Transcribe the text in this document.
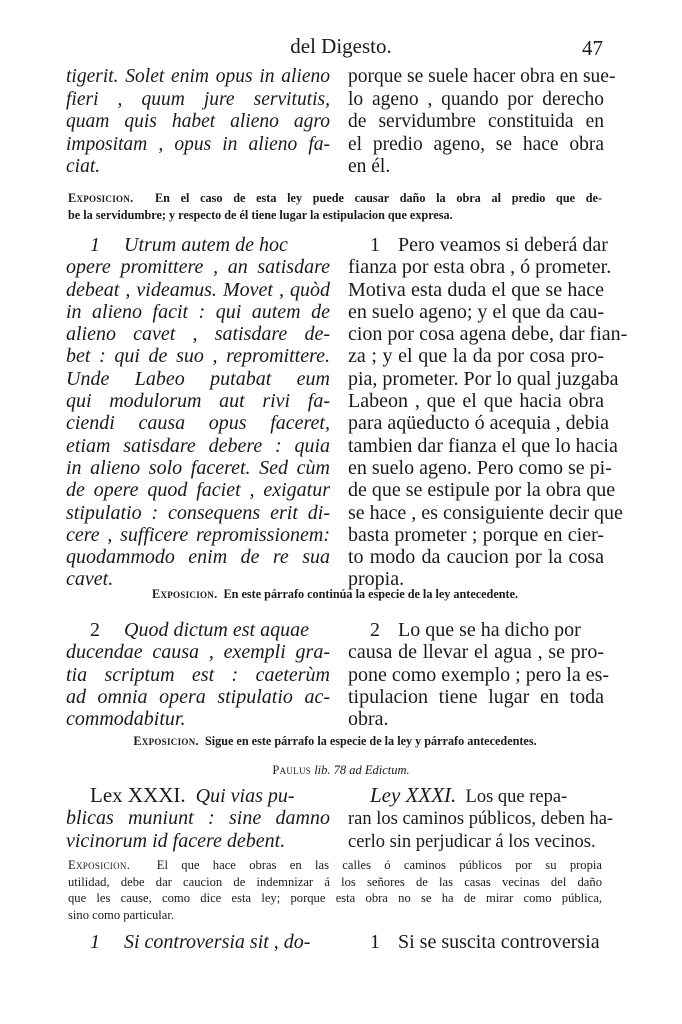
del Digesto.	47
tigerit. Solet enim opus in alieno
fieri , quum jure servitutis,
quam quis habet alieno agro
impositam , opus in alieno fa-
ciat.
porque se suele hacer obra en sue-
lo ageno , quando por derecho
de servidumbre constituida en
el predio ageno, se hace obra
en él.
Exposicion. En el caso de esta ley puede causar daño la obra al predio que de-
be la servidumbre; y respecto de él tiene lugar la estipulacion que expresa.
1 Utrum autem de hoc
opere promittere , an satisdare
debeat , videamus. Movet , quòd
in alieno facit : qui autem de
alieno cavet , satisdare de-
bet : qui de suo , repromittere.
Unde Labeo putabat eum
qui modulorum aut rivi fa-
ciendi causa opus faceret,
etiam satisdare debere : quia
in alieno solo faceret. Sed cùm
de opere quod faciet , exigatur
stipulatio : consequens erit di-
cere , sufficere repromissionem:
quodammodo enim de re sua
cavet.
1 Pero veamos si deberá dar
fianza por esta obra , ó prometer.
Motiva esta duda el que se hace
en suelo ageno; y el que da cau-
cion por cosa agena debe, dar fian-
za ; y el que la da por cosa pro-
pia, prometer. Por lo qual juzgaba
Labeon , que el que hacia obra
para aqüeducto ó acequia , debia
tambien dar fianza el que lo hacia
en suelo ageno. Pero como se pi-
de que se estipule por la obra que
se hace , es consiguiente decir que
basta prometer ; porque en cier-
to modo da caucion por la cosa
propia.
Exposicion. En este párrafo continúa la especie de la ley antecedente.
2 Quod dictum est aquae
ducendae causa , exempli gra-
tia scriptum est : caeterùm
ad omnia opera stipulatio ac-
commodabitur.
2 Lo que se ha dicho por
causa de llevar el agua , se pro-
pone como exemplo ; pero la es-
tipulacion tiene lugar en toda
obra.
Exposicion. Sigue en este párrafo la especie de la ley y párrafo antecedentes.
Paulus lib. 78 ad Edictum.
Lex XXXI. Qui vias pu-
blicas muniunt : sine damno
vicinorum id facere debent.
Ley XXXI. Los que repa-
ran los caminos públicos, deben ha-
cerlo sin perjudicar á los vecinos.
Exposicion. El que hace obras en las calles ó caminos públicos por su propia
utilidad, debe dar caucion de indemnizar á los señores de las casas vecinas del daño
que les cause, como dice esta ley; porque esta obra no se ha de mirar como pública,
sino como particular.
1 Si controversia sit , do-	1 Si se suscita controversia
